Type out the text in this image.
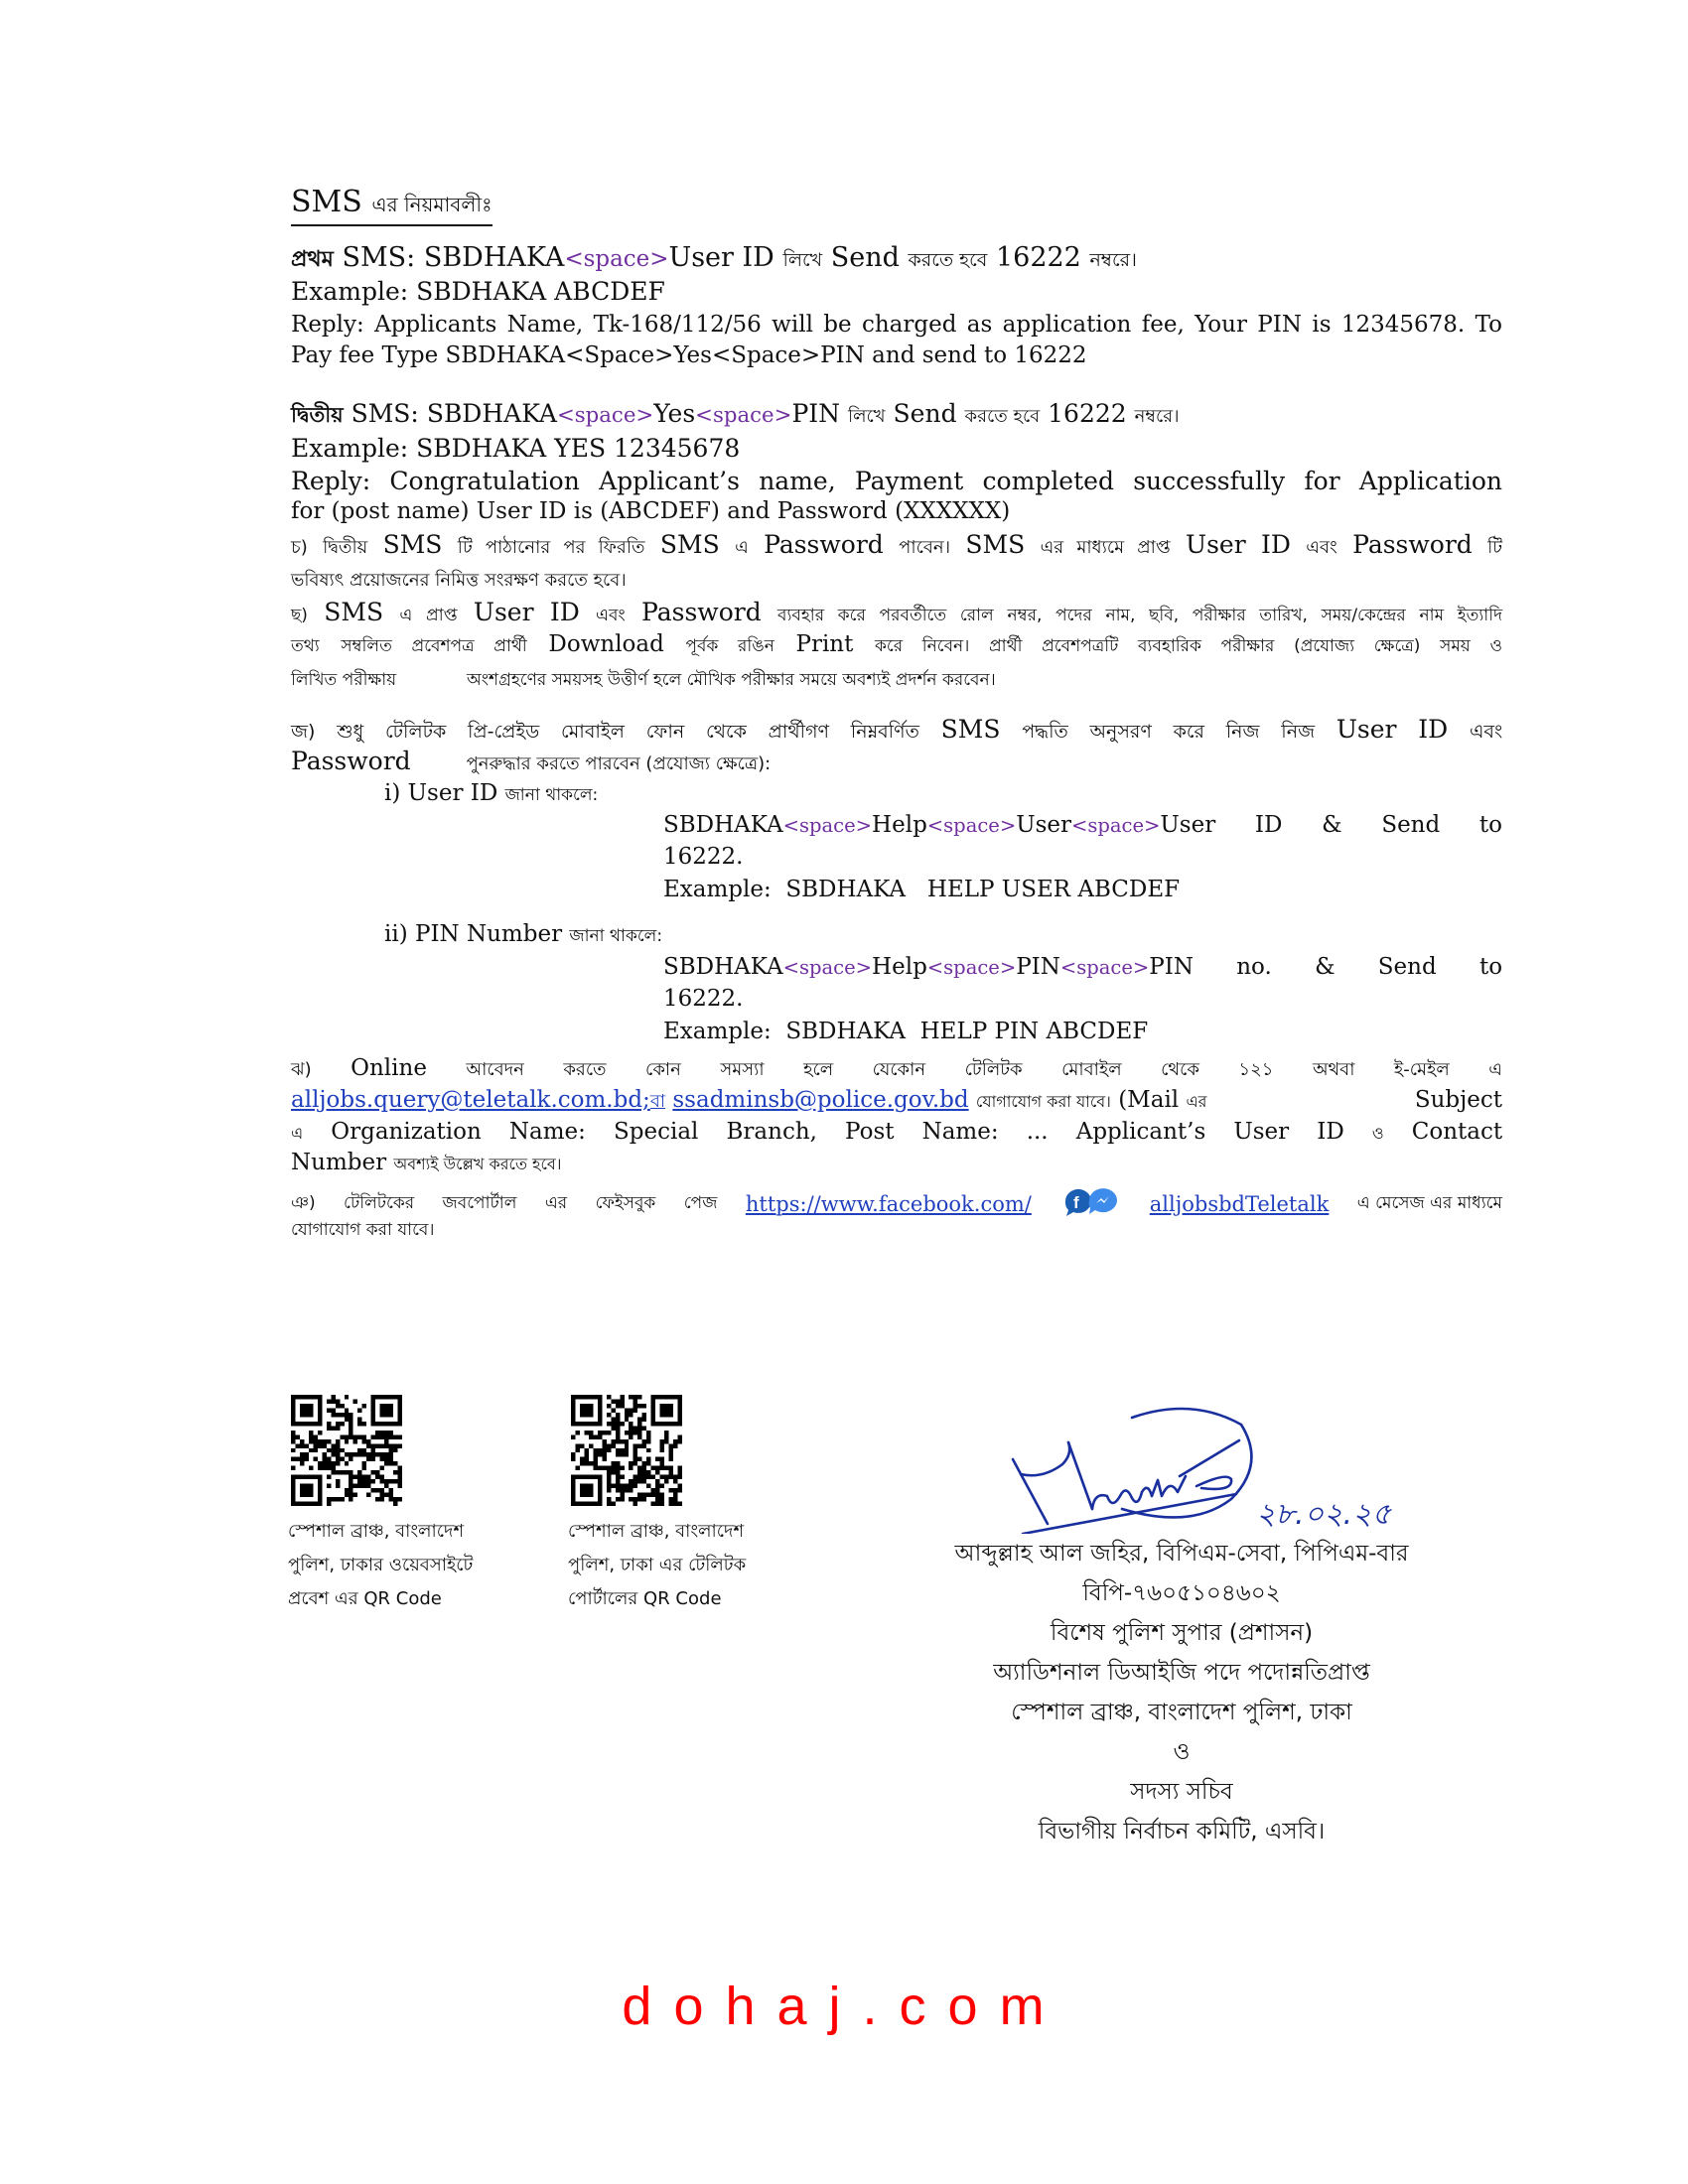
SMS এর নিয়মাবলীঃ
প্রথম SMS: SBDHAKA<space>User ID লিখে Send করতে হবে 16222 নম্বরে।
Example: SBDHAKA ABCDEF
Reply: Applicants Name, Tk-168/112/56 will be charged as application fee, Your PIN is 12345678. To
Pay fee Type SBDHAKA<Space>Yes<Space>PIN and send to 16222
দ্বিতীয় SMS: SBDHAKA<space>Yes<space>PIN লিখে Send করতে হবে 16222 নম্বরে।
Example: SBDHAKA YES 12345678
Reply: Congratulation Applicant’s name, Payment completed successfully for Application
for (post name) User ID is (ABCDEF) and Password (XXXXXX)
চ) দ্বিতীয় SMS টি পাঠানোর পর ফিরতি SMS এ Password পাবেন। SMS এর মাধ্যমে প্রাপ্ত User ID এবং Password টি
ভবিষ্যৎ প্রয়োজনের নিমিত্ত সংরক্ষণ করতে হবে।
ছ) SMS এ প্রাপ্ত User ID এবং Password ব্যবহার করে পরবর্তীতে রোল নম্বর, পদের নাম, ছবি, পরীক্ষার তারিখ, সময়/কেন্দ্রের নাম ইত্যাদি
তথ্য সম্বলিত প্রবেশপত্র প্রার্থী Download পূর্বক রঙিন Print করে নিবেন। প্রার্থী প্রবেশপত্রটি ব্যবহারিক পরীক্ষার (প্রযোজ্য ক্ষেত্রে) সময় ও
লিখিত পরীক্ষায়	অংশগ্রহণের সময়সহ উত্তীর্ণ হলে মৌখিক পরীক্ষার সময়ে অবশ্যই প্রদর্শন করবেন।
জ) শুধু টেলিটক প্রি-প্রেইড মোবাইল ফোন থেকে প্রার্থীগণ নিম্নবর্ণিত SMS পদ্ধতি অনুসরণ করে নিজ নিজ User ID এবং
Password	পুনরুদ্ধার করতে পারবেন (প্রযোজ্য ক্ষেত্রে):
i) User ID জানা থাকলে:
SBDHAKA<space>Help<space>User<space>User ID & Send to
16222.
Example:  SBDHAKA   HELP USER ABCDEF
ii) PIN Number জানা থাকলে:
SBDHAKA<space>Help<space>PIN<space>PIN no. & Send to
16222.
Example:  SBDHAKA  HELP PIN ABCDEF
ঝ) Online আবেদন করতে কোন সমস্যা হলে যেকোন টেলিটক মোবাইল থেকে ১২১ অথবা ই-মেইল এ
alljobs.query@teletalk.com.bd;বা ssadminsb@police.gov.bd যোগাযোগ করা যাবে। (Mail এর	Subject
এ Organization Name: Special Branch, Post Name: ... Applicant’s User ID ও Contact
Number অবশ্যই উল্লেখ করতে হবে।
ঞ) টেলিটকের জবপোর্টাল এর ফেইসবুক পেজ https://www.facebook.com/ f	alljobsbdTeletalk এ মেসেজ এর মাধ্যমে
যোগাযোগ করা যাবে।
স্পেশাল ব্রাঞ্চ, বাংলাদেশ
পুলিশ, ঢাকার ওয়েবসাইটে
প্রবেশ এর QR Code
স্পেশাল ব্রাঞ্চ, বাংলাদেশ
পুলিশ, ঢাকা এর টেলিটক
পোর্টালের QR Code
২৮.০২.২৫
আব্দুল্লাহ আল জহির, বিপিএম-সেবা, পিপিএম-বার
বিপি-৭৬০৫১০৪৬০২
বিশেষ পুলিশ সুপার (প্রশাসন)
অ্যাডিশনাল ডিআইজি পদে পদোন্নতিপ্রাপ্ত
স্পেশাল ব্রাঞ্চ, বাংলাদেশ পুলিশ, ঢাকা
ও
সদস্য সচিব
বিভাগীয় নির্বাচন কমিটি, এসবি।
dohaj.com
